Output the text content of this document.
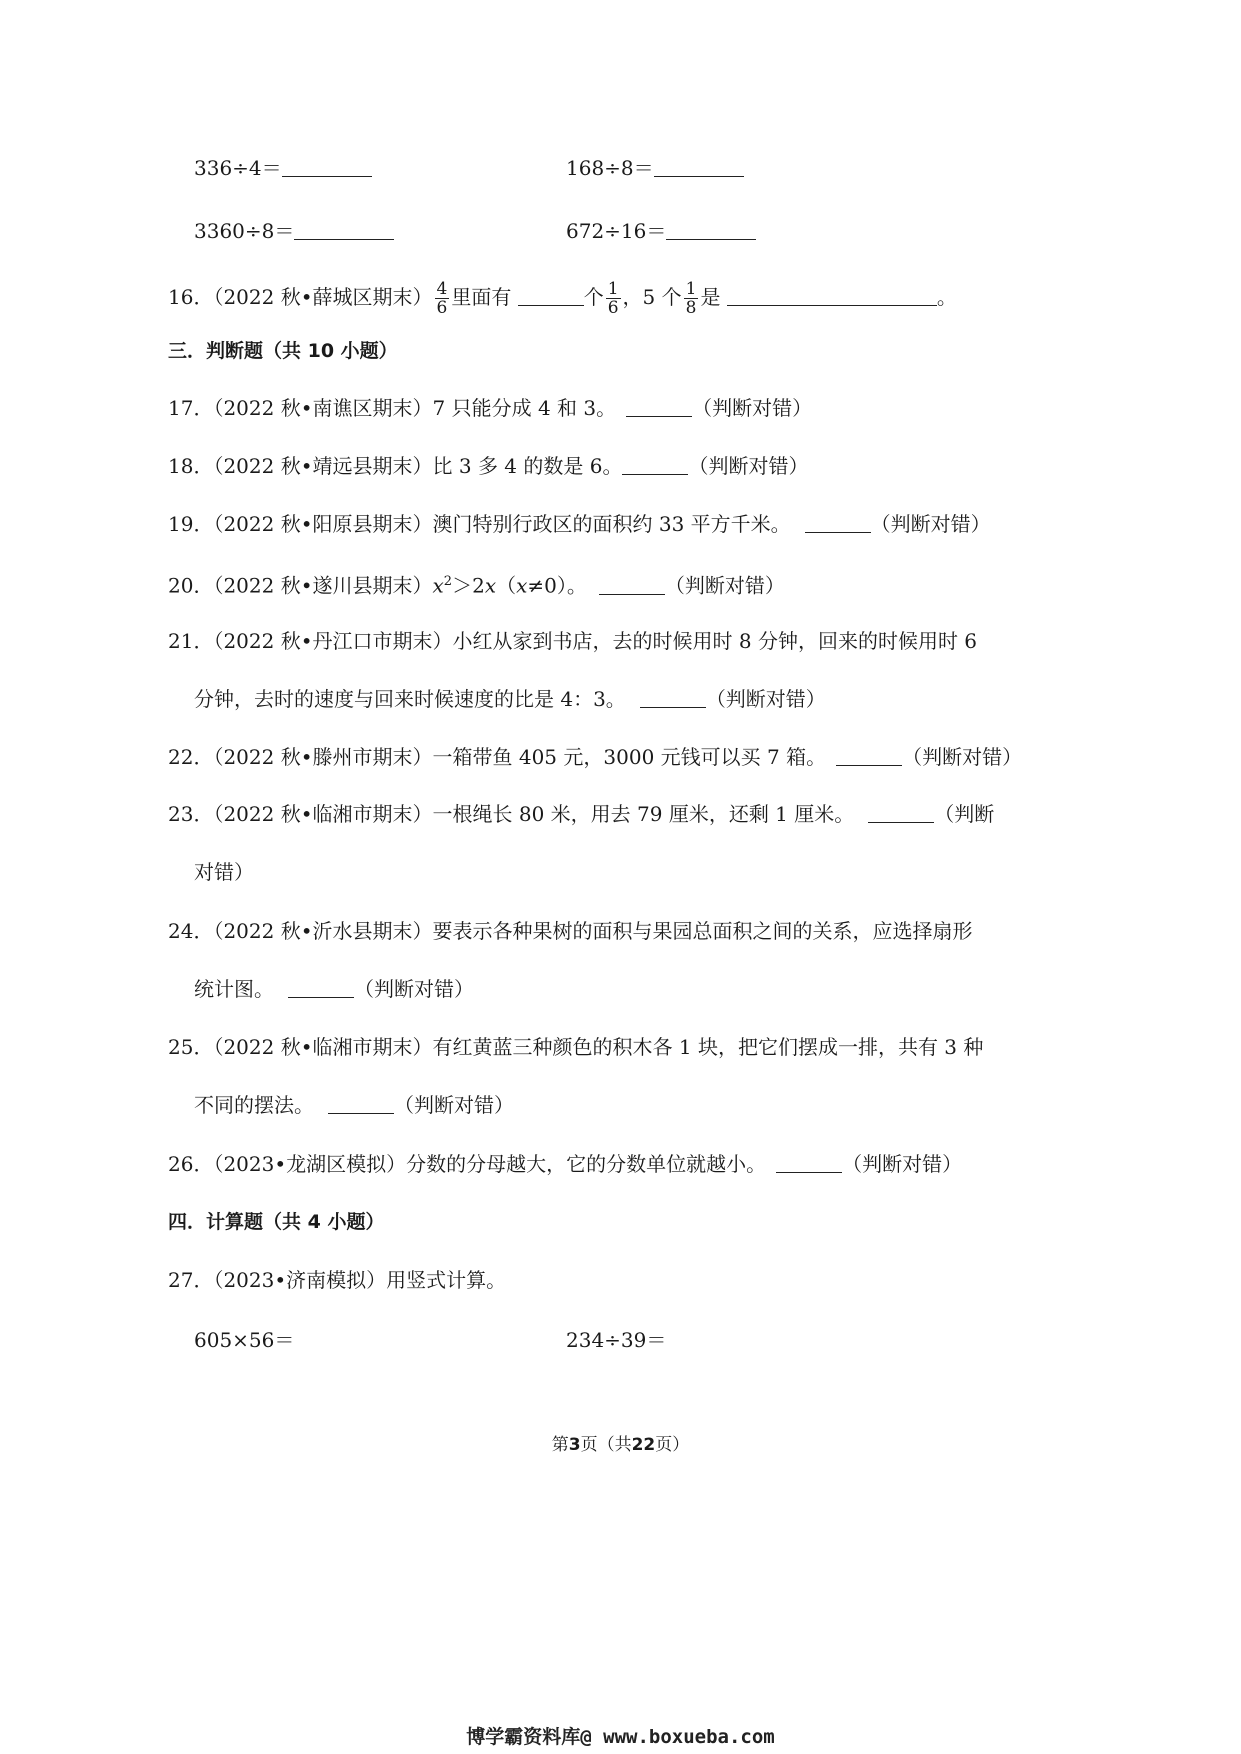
336÷4＝	168÷8＝
3360÷8＝	672÷16＝
16．（2022 秋•薛城区期末） $\frac{4}{6}$ 里面有	个 $\frac{1}{6}$ ，5 个 $\frac{1}{8}$ 是	。
三．判断题（共 10 小题）
17．（2022 秋•南谯区期末）7 只能分成 4 和 3。	（判断对错）
18．（2022 秋•靖远县期末）比 3 多 4 的数是 6。	（判断对错）
19．（2022 秋•阳原县期末）澳门特别行政区的面积约 33 平方千米。	（判断对错）
20．（2022 秋•遂川县期末）$x^2>2x(x\ne 0)$。	（判断对错）
21．（2022 秋•丹江口市期末）小红从家到书店，去的时候用时 8 分钟，回来的时候用时 6
分钟，去时的速度与回来时候速度的比是 4：3。	（判断对错）
22．（2022 秋•滕州市期末）一箱带鱼 405 元，3000 元钱可以买 7 箱。	（判断对错）
23．（2022 秋•临湘市期末）一根绳长 80 米，用去 79 厘米，还剩 1 厘米。	（判断
对错）
24．（2022 秋•沂水县期末）要表示各种果树的面积与果园总面积之间的关系，应选择扇形
统计图。	（判断对错）
25．（2022 秋•临湘市期末）有红黄蓝三种颜色的积木各 1 块，把它们摆成一排，共有 3 种
不同的摆法。	（判断对错）
26．（2023•龙湖区模拟）分数的分母越大，它的分数单位就越小。	（判断对错）
四．计算题（共 4 小题）
27．（2023•济南模拟）用竖式计算。
605×56＝	234÷39＝
第3页（共22页）
博学霸资料库@ www.boxueba.com
